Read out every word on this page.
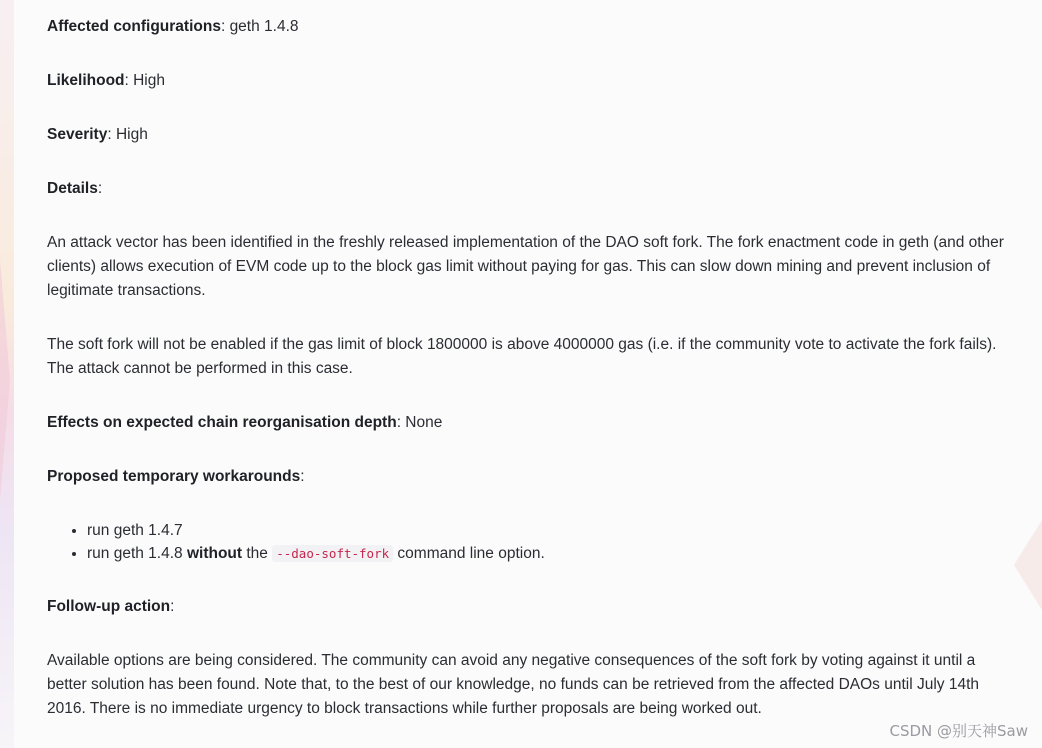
Affected configurations: geth 1.4.8

Likelihood: High

Severity: High

Details:

An attack vector has been identified in the freshly released implementation of the DAO soft fork. The fork enactment code in geth (and other clients) allows execution of EVM code up to the block gas limit without paying for gas. This can slow down mining and prevent inclusion of legitimate transactions.

The soft fork will not be enabled if the gas limit of block 1800000 is above 4000000 gas (i.e. if the community vote to activate the fork fails). The attack cannot be performed in this case.

Effects on expected chain reorganisation depth: None

Proposed temporary workarounds:

• run geth 1.4.7
• run geth 1.4.8 without the --dao-soft-fork command line option.

Follow-up action:

Available options are being considered. The community can avoid any negative consequences of the soft fork by voting against it until a better solution has been found. Note that, to the best of our knowledge, no funds can be retrieved from the affected DAOs until July 14th 2016. There is no immediate urgency to block transactions while further proposals are being worked out.

CSDN @别天神Saw
